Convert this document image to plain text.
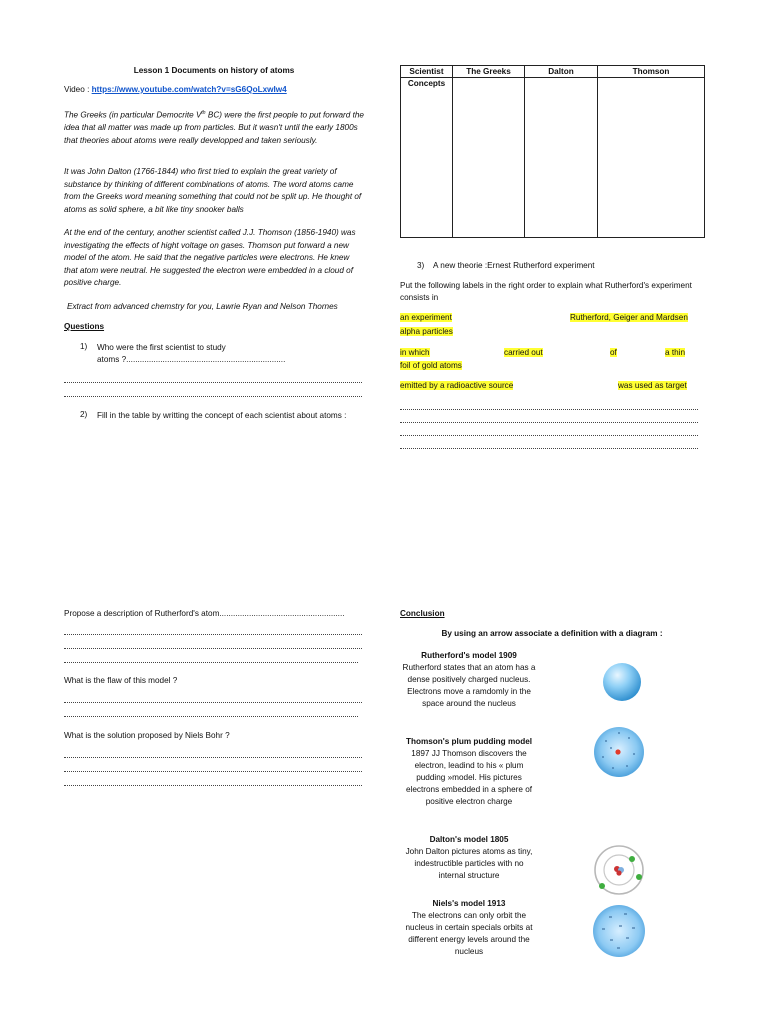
Lesson 1 Documents on history of atoms
Video : https://www.youtube.com/watch?v=sG6QoLxwIw4
The Greeks (in particular Democrite Vth BC) were the first people to put forward the idea that all matter was made up from particles. But it wasn't until the early 1800s that theories about atoms were really developped and taken seriously.
It was John Dalton (1766-1844) who first tried to explain the great variety of substance by thinking of different combinations of atoms. The word atoms came from the Greeks word meaning something that could not be split up. He thought of atoms as solid sphere, a bit like tiny snooker balls
At the end of the century, another scientist called J.J. Thomson (1856-1940) was investigating the effects of hight voltage on gases. Thomson put forward a new model of the atom. He said that the negative particles were electrons. He knew that atom were neutral. He suggested the electron were embedded in a cloud of positive charge.
Extract from advanced chemstry for you, Lawrie Ryan and Nelson Thornes
Questions
1) Who were the first scientist to study
atoms ?......................................................................
2) Fill in the table by writting the concept of each scientist about atoms :
Propose a description of Rutherford's atom.......................................................
What is the flaw of this model ?
What is the solution proposed by Niels Bohr ?
Scientist	The Greeks	Dalton	Thomson
Concepts			
3) A new theorie :Ernest Rutherford experiment
Put the following labels in the right order to explain what Rutherford's experiment consists in
an experiment	Rutherford, Geiger and Mardsen
alpha particles
in which	carried out	of	a thin
foil of gold atoms
emitted by a radioactive source	was used as target
Conclusion
By using an arrow associate a definition with a diagram :
Rutherford's model 1909
Rutherford states that an atom has a dense positively charged nucleus. Electrons move a ramdomly in the space around the nucleus
Thomson's plum pudding model
1897 JJ Thomson discovers the electron, leadind to his « plum pudding »model. His pictures electrons embedded in a sphere of positive electron charge
Dalton's model 1805
John Dalton pictures atoms as tiny, indestructible particles with no internal structure
Niels's model 1913
The electrons can only orbit the nucleus in certain specials orbits at different energy levels around the nucleus
